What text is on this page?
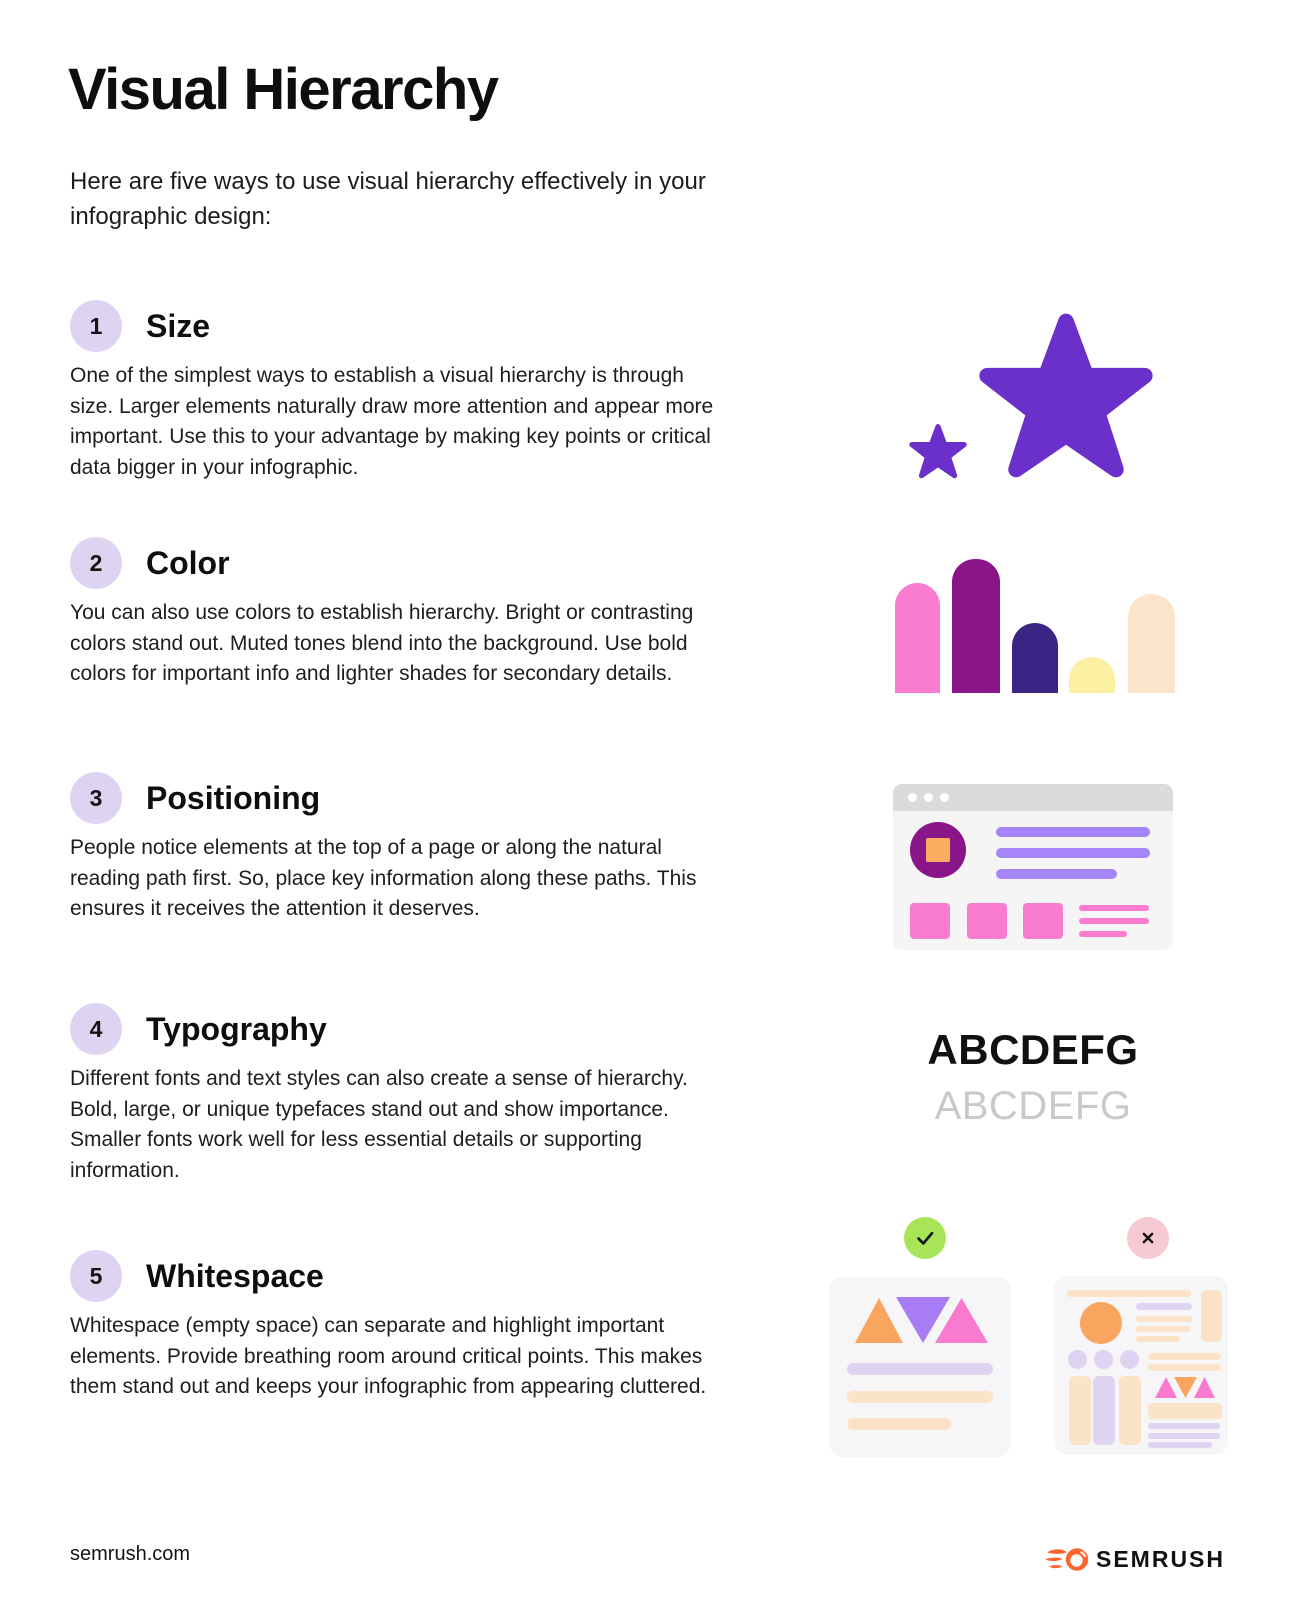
Visual Hierarchy
Here are five ways to use visual hierarchy effectively in your infographic design:
1	Size
One of the simplest ways to establish a visual hierarchy is through size. Larger elements naturally draw more attention and appear more important. Use this to your advantage by making key points or critical data bigger in your infographic.
2	Color
You can also use colors to establish hierarchy. Bright or contrasting colors stand out. Muted tones blend into the background. Use bold colors for important info and lighter shades for secondary details.
3	Positioning
People notice elements at the top of a page or along the natural reading path first. So, place key information along these paths. This ensures it receives the attention it deserves.
4	Typography
Different fonts and text styles can also create a sense of hierarchy. Bold, large, or unique typefaces stand out and show importance. Smaller fonts work well for less essential details or supporting information.
5	Whitespace
Whitespace (empty space) can separate and highlight important elements. Provide breathing room around critical points. This makes them stand out and keeps your infographic from appearing cluttered.
ABCDEFG
ABCDEFG
semrush.com	SEMRUSH
